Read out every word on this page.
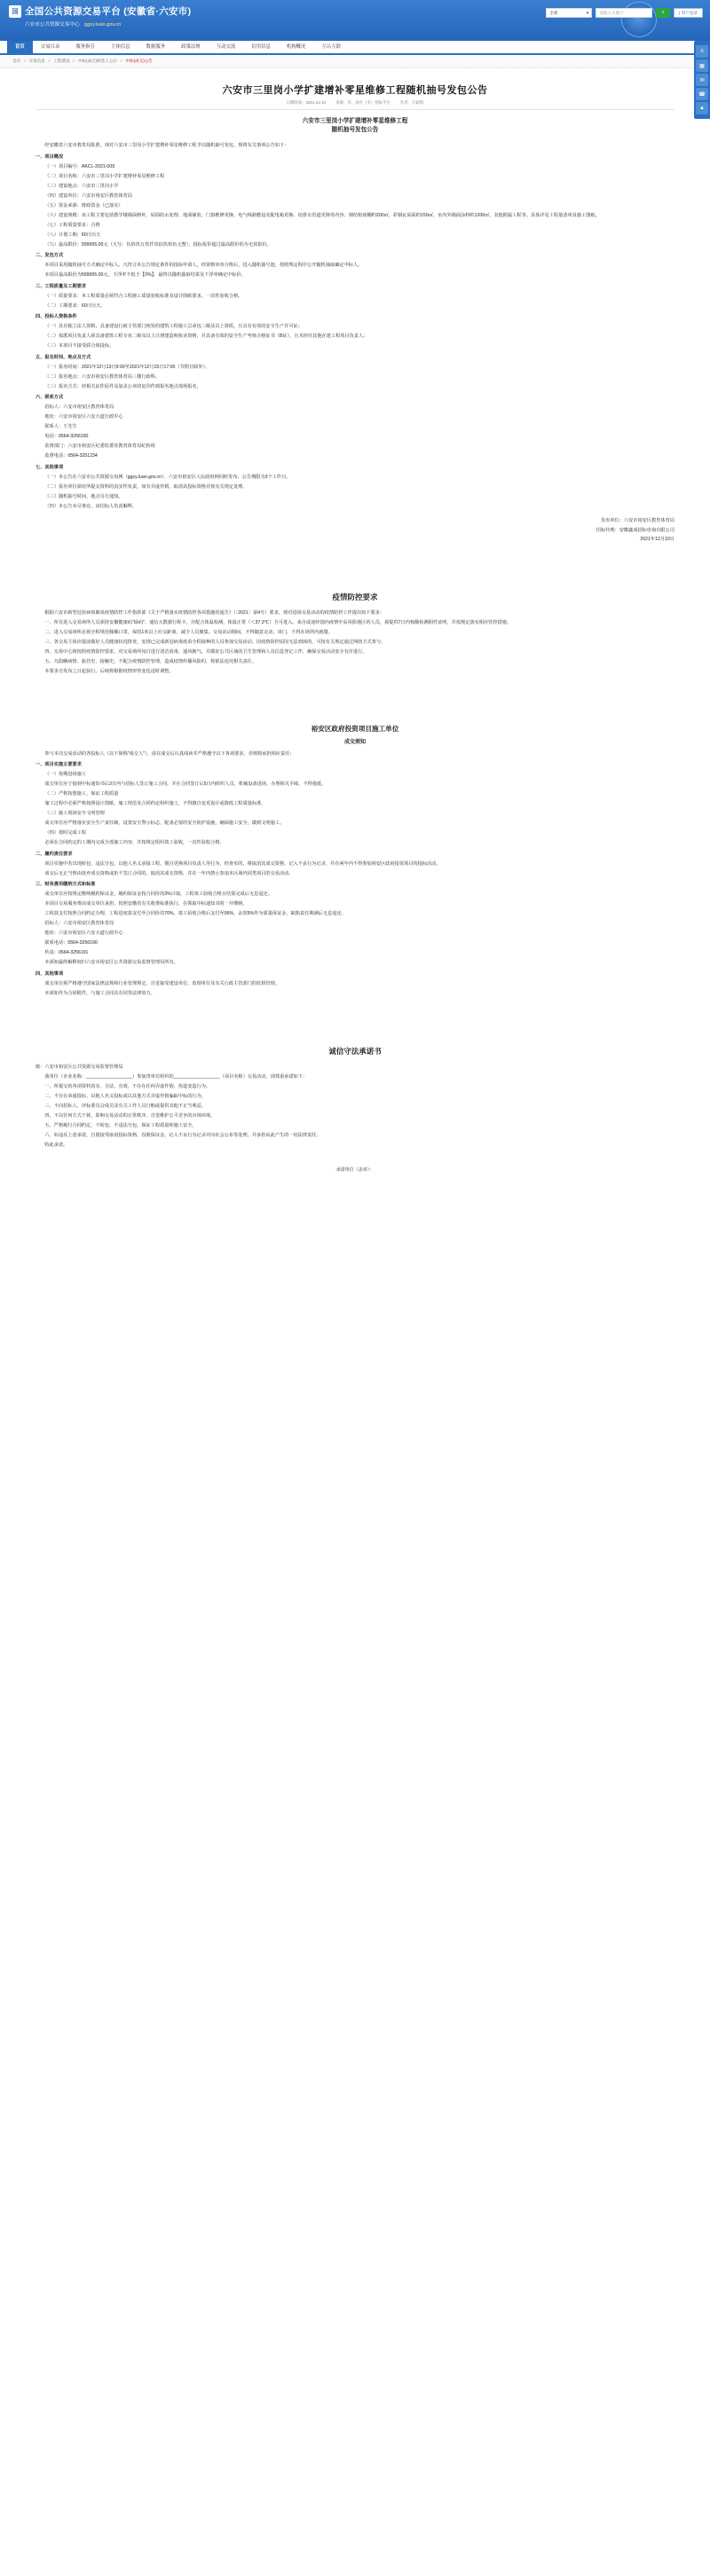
国 全国公共资源交易平台 (安徽省·六安市)
六安市公共资源交易中心 ggzy.luan.gov.cn
全部	▾	请输入关键字	⌕	| 用户登录
首页	交易目录	服务指引	主体信息	数据服务	政策法规	互动交流	信用信息	机构概况	互认互联
首页 > 交易信息 > 工程建设 > 中标(成交)候选人公示 > 中标(成交)公告
≡
▦
✉
☎
▲
六安市三里岗小学扩建增补零星维修工程随机抽号发包公告
日期时间：2021-12-10	来源：市、县区（市）招标平台	作者：行政科
六安市三里岗小学扩建增补零星维修工程
随机抽号发包公告

经安徽省六安市教育局批准，现对六安市三里岗小学扩建增补零星维修工程予以随机抽号发包，现将有关事项公告如下：

一、项目概况

（一）项目编号：AKCL-2021-009

（二）项目名称：六安市三里岗小学扩建增补零星维修工程

（三）建设地点：六安市三里岗小学

（四）建设单位：六安市裕安区教育体育局

（五）资金来源：财政资金（已落实）

（六）建设规模：该工程主要包括教学楼墙面修补、屋面防水处理、地面铺装、门窗维修更换、电气线路敷设及配电箱更换、给排水管道更换等内容；钢结构雨棚约200㎡，彩钢瓦屋面约150㎡，室内外墙面涂料约1200㎡，其他附属工程等。具体详见工程量清单及施工图纸。

（七）工程质量要求：合格

（八）计划工期：60日历天

（九）最高限价：599995.00元（大写：伍拾玖万玖仟玖佰玖拾伍元整），投标报价超过最高限价的为无效报价。

二、发包方式

本项目采用随机抽号方式确定中标人。凡符合本公告规定条件的投标申请人，经资格审查合格后，进入随机抽号池，按照规定程序公开随机抽取确定中标人。

本项目最高限价为599995.00元，下浮率不低于【0%】，最终以随机抽取结果及下浮率确定中标价。

三、工程质量及工期要求

（一）质量要求：本工程质量必须符合工程施工质量验收标准及设计图纸要求，一次性验收合格。

（二）工期要求：60日历天。

四、投标人资格条件

（一）具有独立法人资格，具备建设行政主管部门核发的建筑工程施工总承包三级及以上资质，且具有有效的安全生产许可证；

（二）拟派项目负责人须具备建筑工程专业二级及以上注册建造师执业资格，并具备有效的安全生产考核合格证书（B证），且未担任其他在建工程项目负责人；

（三）本项目不接受联合体投标。

五、报名时间、地点及方式

（一）报名时间：2021年12月13日9:00至2021年12月15日17:00（节假日除外）。

（二）报名地点：六安市裕安区教育体育局三楼行政科。

（三）报名方式：持相关证件原件及加盖公章的复印件到报名地点现场报名。

六、联系方式

招标人：六安市裕安区教育体育局

地址：六安市裕安区六安大道行政中心

联系人：王先生

电话：0564-3256190

监督部门：六安市裕安区纪委监委驻教育体育局纪检组

监督电话：0564-3251234

七、其他事项

（一）本公告在六安市公共资源交易网（ggzy.luan.gov.cn）、六安市裕安区人民政府网同时发布，公告期限为3个工作日。

（二）报名单位须对所提交资料的真实性负责，如有弄虚作假，取消其投标资格并按有关规定处理。

（三）随机抽号时间、地点另行通知。

（四）本公告未尽事宜，由招标人负责解释。

发布单位：六安市裕安区教育体育局

招标代理：安徽鑫成招标咨询有限公司

2021年12月10日

疫情防控要求

根据六安市新型冠状病毒肺炎疫情防控工作指挥部《关于严格落实疫情防控各项措施的通告》（〔2021〕第4号）要求，现对进场交易活动的疫情防控工作提出如下要求：

一、所有进入交易场所人员须持安徽健康码"绿码"、通信大数据行程卡，并配合体温检测，体温正常（＜37.3℃）方可进入。来自或途经国内疫情中高风险地区的人员，须提供7日内核酸检测阴性证明，并按规定落实相应管控措施。

二、进入交易场所必须全程规范佩戴口罩，保持1米以上社交距离，减少人员聚集。交易活动期间，不得随意走动、串门，不得在场所内就餐。

三、各交易主体应提前做好人员健康状况排查，安排已完成新冠病毒疫苗全程接种的人员参加交易活动。因疫情防控原因无法到场的，可按有关规定通过网络方式参与。

四、交易中心将按照疫情防控要求，对交易场所每日进行清洁消毒、通风换气，并做好公共区域的卫生管理和人员信息登记工作，确保交易活动安全有序进行。

五、凡隐瞒病情、旅居史、接触史，不配合疫情防控管理，造成疫情传播风险的，将依法追究相关责任。

本要求自发布之日起执行，后续将根据疫情形势变化适时调整。

裕安区政府投资项目施工单位
成交须知

参与本次交易活动的各投标人（以下简称"成交人"），请在成交后认真阅读并严格遵守以下各项要求，否则将承担相应责任：

一、项目实施主要要求

（一）按期进场施工

成交单位应于接到中标通知书后3日内与招标人签订施工合同，并在合同签订后5日内组织人员、机械设备进场，办理相关手续，不得拖延。

（二）严格按图施工，保证工程质量

施工过程中必须严格按照设计图纸、施工规范及合同约定组织施工，不得擅自变更设计或降低工程质量标准。

（三）施工现场安全文明管理

成交单位应严格落实安全生产责任制，设置安全警示标志，配备必要的安全防护设施，确保施工安全，做到文明施工。

（四）按时完成工程

必须在合同约定的工期内完成全部施工内容，并按规定组织竣工验收，一次性验收合格。

二、履约责任要求

项目实施中若出现转包、违法分包、以他人名义承接工程、擅自更换项目负责人等行为，经查实的，将取消其成交资格，记入不良行为记录，并在两年内不得参加裕安区政府投资项目的投标活动。

成交后无正当理由放弃成交资格或拒不签订合同的，取消其成交资格，并在一年内禁止参加本区域内同类项目的交易活动。

三、财务费用缴纳方式和标准

成交单位应按规定缴纳履约保证金，履约保证金按合同价的3%计取，工程竣工验收合格且结算完成后无息退还。

本项目交易服务费由成交单位承担，按照安徽省有关收费标准执行，在领取中标通知书时一并缴纳。

工程款支付按照合同约定办理，工程进度款支付至合同价的70%，竣工验收合格后支付至95%，余款5%作为质量保证金，缺陷责任期满后无息退还。

招标人：六安市裕安区教育体育局

地址：六安市裕安区六安大道行政中心

联系电话：0564-3256190

传真：0564-3256191

本须知最终解释权归六安市裕安区公共资源交易监督管理局所有。

四、其他事项

成交单位须严格遵守国家法律法规和行业管理规定，自觉接受建设单位、监理单位及有关行政主管部门的监督管理。

本须知作为合同附件，与施工合同具有同等法律效力。

诚信守法承诺书

致：六安市裕安区公共资源交易监督管理局

我单位（企业名称：__________________）参加贵单位组织的__________________（项目名称）交易活动，现郑重承诺如下：

一、所提交的各项资料真实、合法、有效，不存在任何弄虚作假、伪造变造行为。

二、不存在串通投标、以他人名义投标或以其他方式弄虚作假骗取中标的行为。

三、不向招标人、评标委员会成员及有关工作人员行贿或提供其他不正当利益。

四、不以任何方式干扰、影响交易活动的正常秩序，自觉维护公平竞争的市场环境。

五、严格履行合同约定，不转包、不违法分包，保证工程质量和施工安全。

六、如违反上述承诺，自愿接受取消投标资格、没收保证金、记入不良行为记录并向社会公布等处理，并承担由此产生的一切法律责任。

特此承诺。

承诺单位（盖章）：
